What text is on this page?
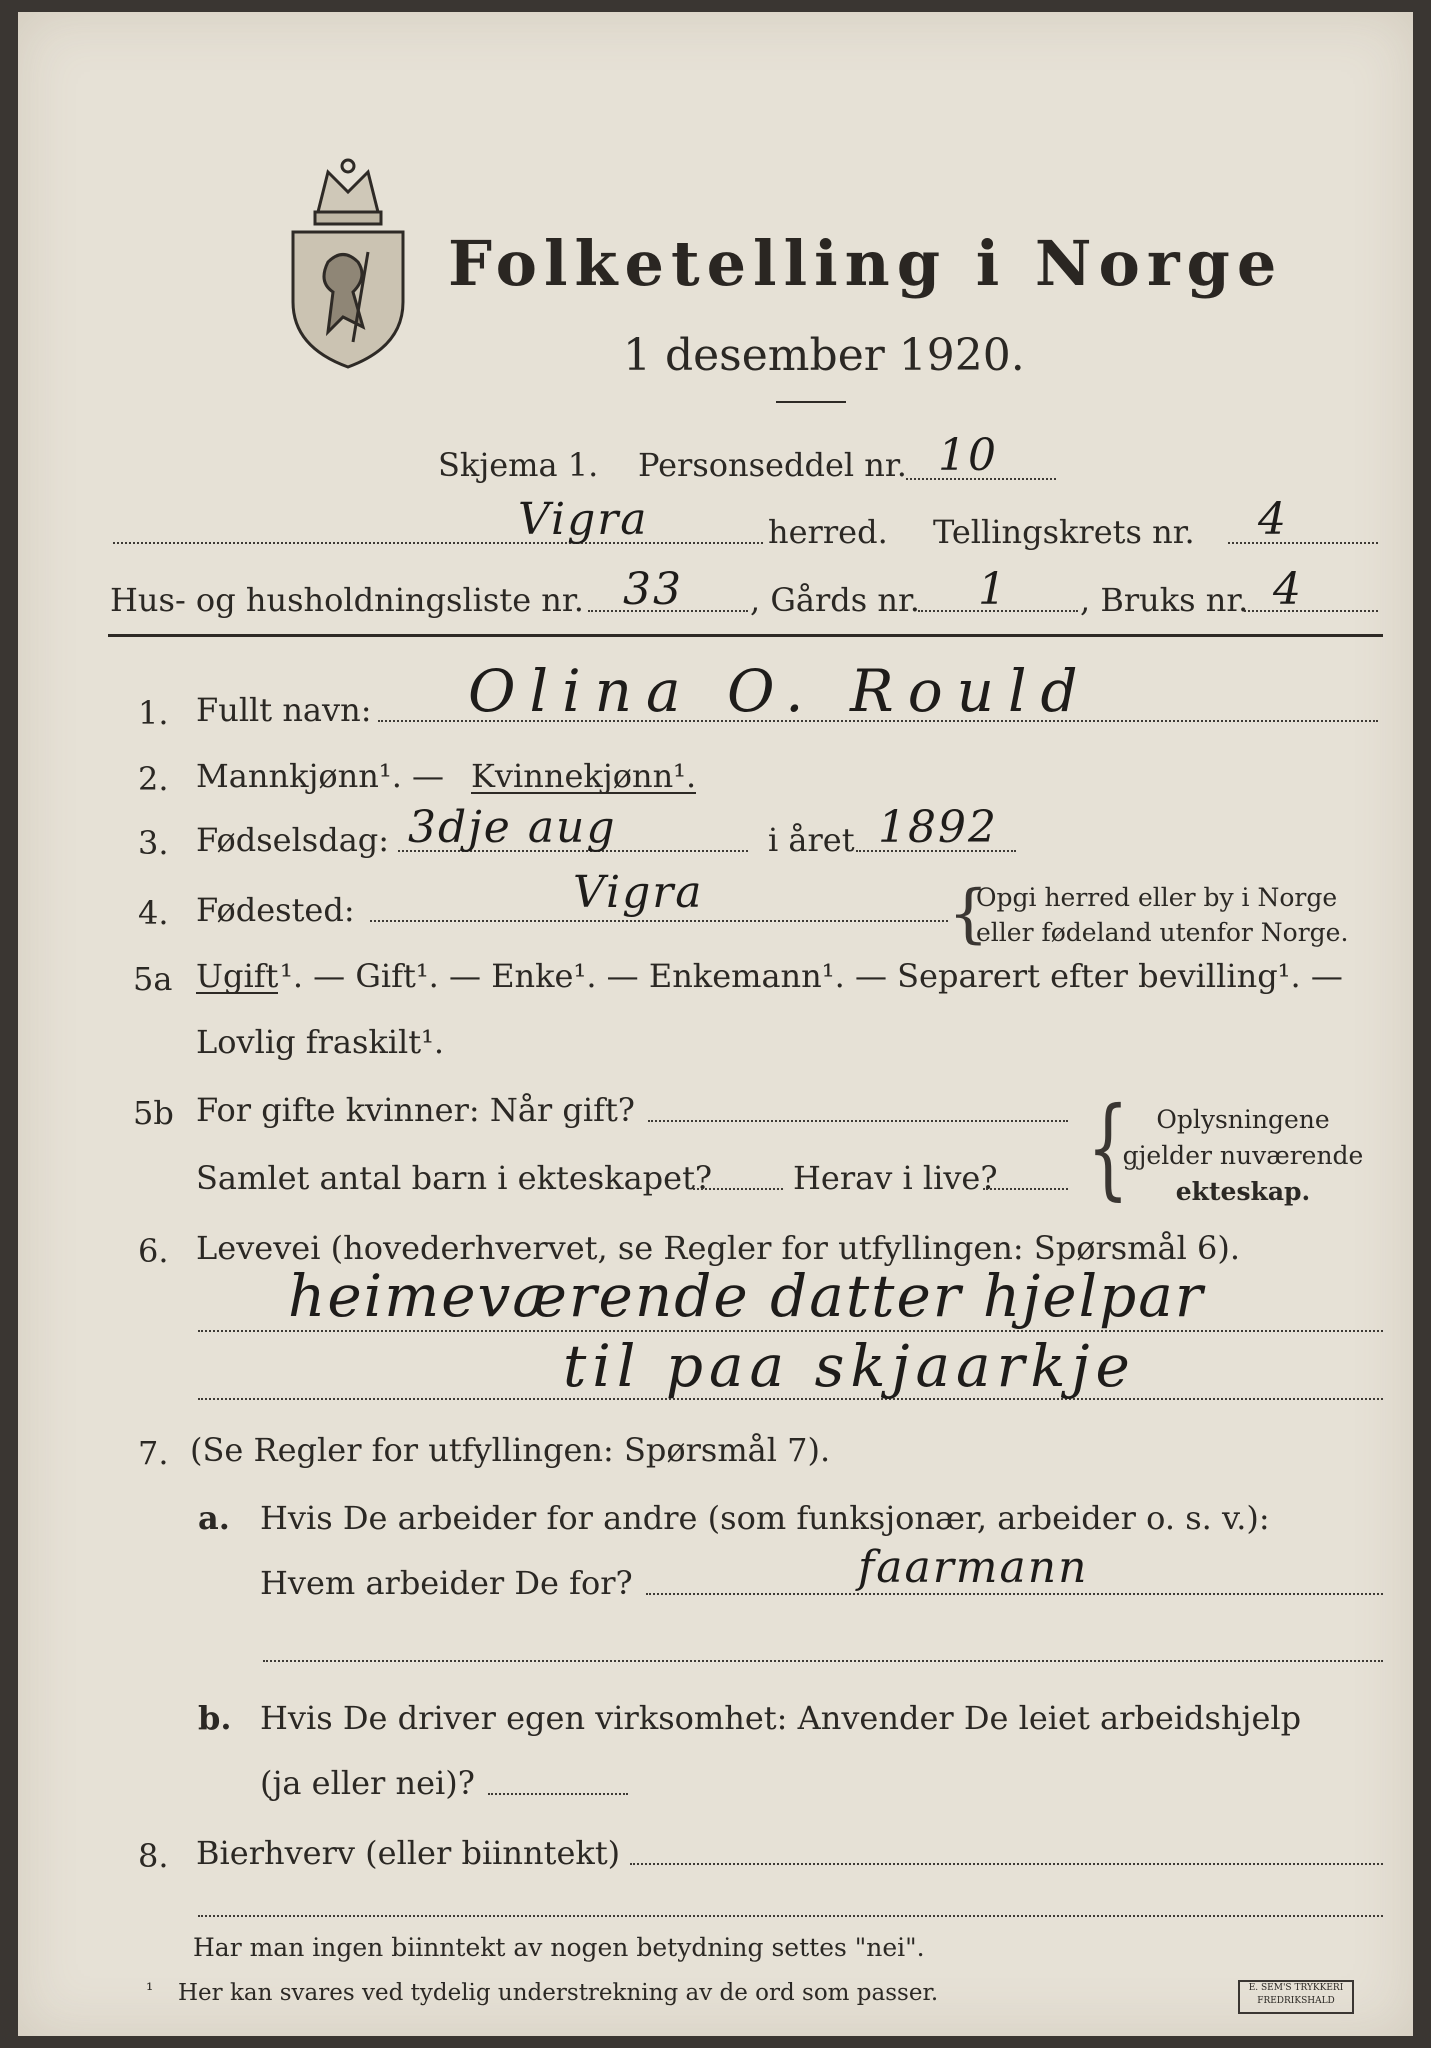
Folketelling i Norge
1 desember 1920.
Skjema 1. Personseddel nr. 10
Vigra	herred. Tellingskrets nr. 4
Hus- og husholdningsliste nr. 33 , Gårds nr. 1 , Bruks nr. 4
1. Fullt navn: Olina O. Rould
2. Mannkjønn¹. — Kvinnekjønn¹.
3. Fødselsdag: 3dje aug	i året 1892
4. Fødested:	Vigra	{
Opgi herred eller by i Norge
eller fødeland utenfor Norge.
5a Ugift ¹. — Gift¹. — Enke¹. — Enkemann¹. — Separert efter bevilling¹. —
Lovlig fraskilt¹.
5b For gifte kvinner: Når gift?
Samlet antal barn i ekteskapet?	Herav i live? {	Oplysningene
gjelder nuværende
ekteskap.
6. Levevei (hovederhvervet, se Regler for utfyllingen: Spørsmål 6).
heimeværende datter hjelpar
til paa skjaarkje
7. (Se Regler for utfyllingen: Spørsmål 7).
a. Hvis De arbeider for andre (som funksjonær, arbeider o. s. v.):
Hvem arbeider De for?	faarmann
b. Hvis De driver egen virksomhet: Anvender De leiet arbeidshjelp
(ja eller nei)?
8. Bierhverv (eller biinntekt)
Har man ingen biinntekt av nogen betydning settes "nei".
¹ Her kan svares ved tydelig understrekning av de ord som passer.	E. SEM'S TRYKKERI FREDRIKSHALD
